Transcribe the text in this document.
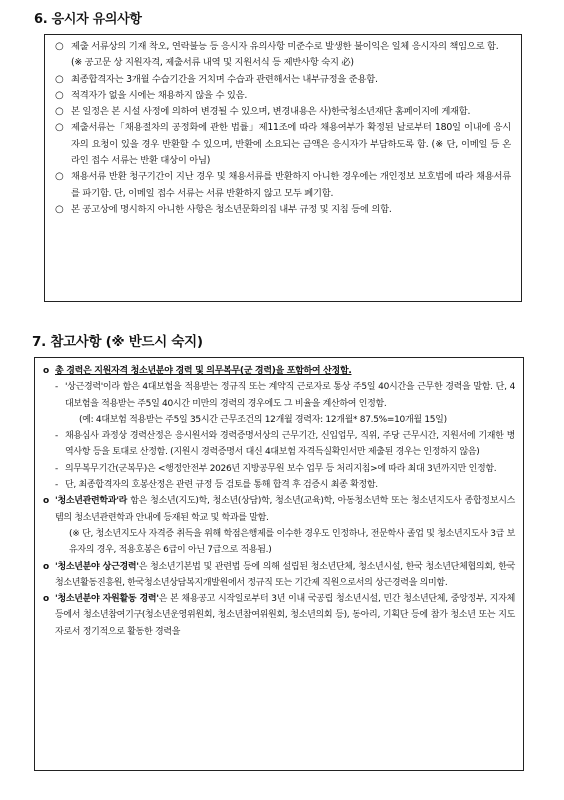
6. 응시자 유의사항
○ 제출 서류상의 기재 착오, 연락불능 등 응시자 유의사항 미준수로 발생한 불이익은 일체 응시자의 책임으로 함.
(※ 공고문 상 지원자격, 제출서류 내역 및 지원서식 등 제반사항 숙지 必)
○ 최종합격자는 3개월 수습기간을 거치며 수습과 관련해서는 내부규정을 준용함.
○ 적격자가 없을 시에는 채용하지 않을 수 있음.
○ 본 일정은 본 시설 사정에 의하여 변경될 수 있으며, 변경내용은 사)한국청소년재단 홈페이지에 게재함.
○ 제출서류는「채용절차의 공정화에 관한 법률」제11조에 따라 채용여부가 확정된 날로부터 180일 이내에 응시자의 요청이 있을 경우 반환할 수 있으며, 반환에 소요되는 금액은 응시자가 부담하도록 함. (※ 단, 이메일 등 온라인 접수 서류는 반환 대상이 아님)
○ 채용서류 반환 청구기간이 지난 경우 및 채용서류를 반환하지 아니한 경우에는 개인정보 보호법에 따라 채용서류를 파기함. 단, 이메일 접수 서류는 서류 반환하지 않고 모두 폐기함.
○ 본 공고상에 명시하지 아니한 사항은 청소년문화의집 내부 규정 및 지침 등에 의함.
7. 참고사항 (※ 반드시 숙지)
o 총 경력은 지원자격 청소년분야 경력 및 의무복무(군 경력)을 포함하여 산정함.
- '상근경력'이라 함은 4대보험을 적용받는 정규직 또는 계약직 근로자로 통상 주5일 40시간을 근무한 경력을 말함. 단, 4대보험을 적용받는 주5일 40시간 미만의 경력의 경우에도 그 비율을 계산하여 인정함.
(예: 4대보험 적용받는 주5일 35시간 근무조건의 12개월 경력자: 12개월* 87.5%=10개월 15일)
- 채용심사 과정상 경력산정은 응시원서와 경력증명서상의 근무기간, 신입업무, 직위, 주당 근무시간, 지원서에 기재한 병역사항 등을 토대로 산정함. (지원시 경력증명서 대신 4대보험 자격득실확인서만 제출된 경우는 인정하지 않음)
- 의무복무기간(군복무)은 <행정안전부 2026년 지방공무원 보수 업무 등 처리지침>에 따라 최대 3년까지만 인정함.
- 단, 최종합격자의 호봉산정은 관련 규정 등 검토를 통해 합격 후 검증시 최종 확정함.
o '청소년관련학과'라 함은 청소년(지도)학, 청소년(상담)학, 청소년(교육)학, 아동청소년학 또는 청소년지도사 종합정보시스템의 청소년관련학과 안내에 등재된 학교 및 학과를 말함.
(※ 단, 청소년지도사 자격증 취득을 위해 학점은행제를 이수한 경우도 인정하나, 전문학사 졸업 및 청소년지도사 3급 보유자의 경우, 적용호봉은 6급이 아닌 7급으로 적용됨.)
o '청소년분야 상근경력'은 청소년기본법 및 관련법 등에 의해 설립된 청소년단체, 청소년시설, 한국 청소년단체협의회, 한국청소년활동진흥원, 한국청소년상담복지개발원에서 정규직 또는 기간제 직원으로서의 상근경력을 의미함.
o '청소년분야 자원활동 경력'은 본 채용공고 시작일로부터 3년 이내 국공립 청소년시설, 민간 청소년단체, 중앙정부, 지자체 등에서 청소년참여기구(청소년운영위원회, 청소년참여위원회, 청소년의회 등), 동아리, 기획단 등에 참가 청소년 또는 지도자로서 정기적으로 활동한 경력을
